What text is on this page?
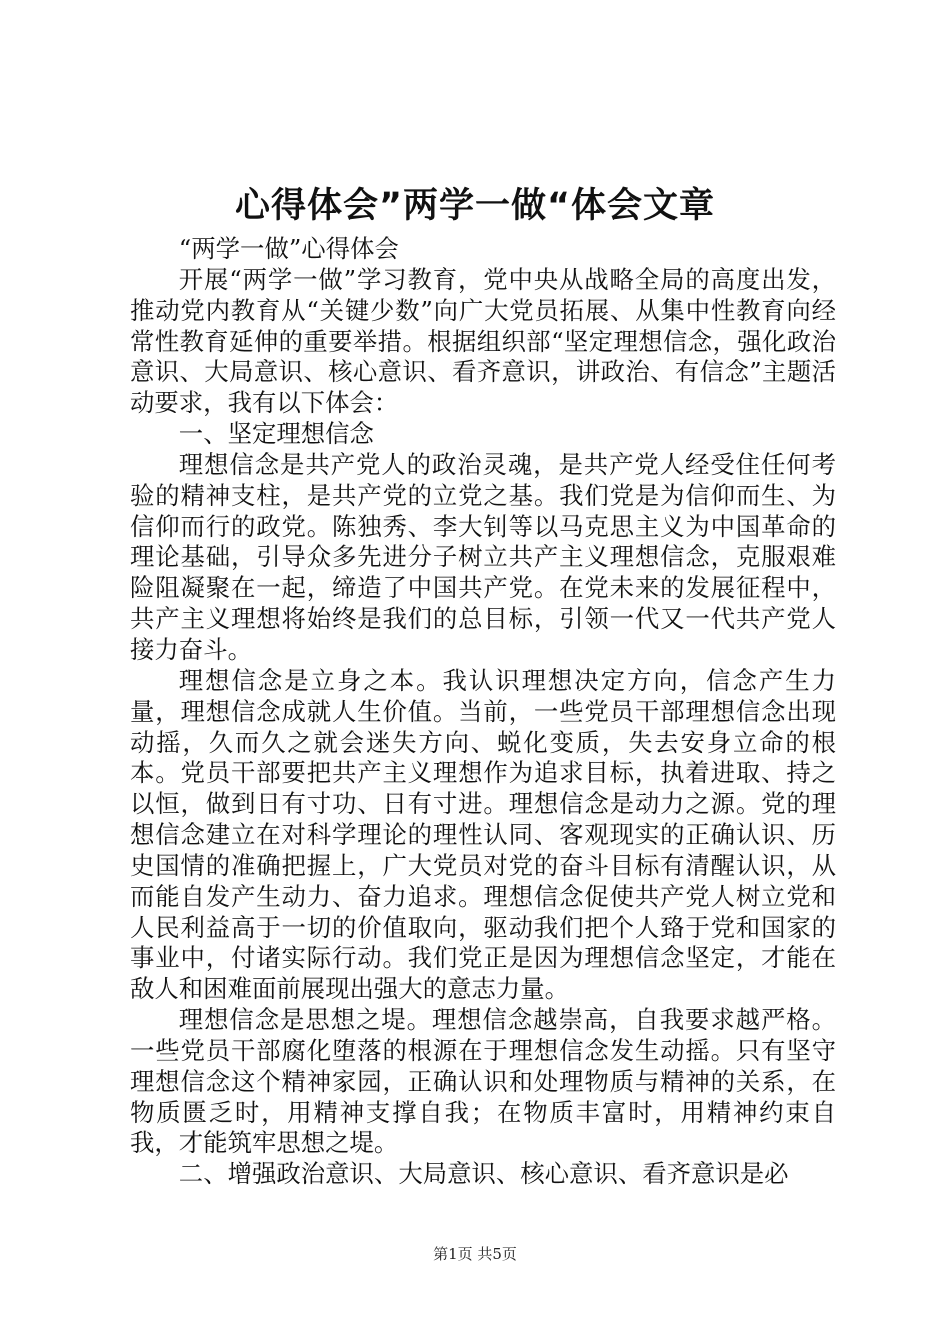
心得体会”两学一做“体会文章

“两学一做”心得体会

开展“两学一做”学习教育，党中央从战略全局的高度出发，推动党内教育从“关键少数”向广大党员拓展、从集中性教育向经常性教育延伸的重要举措。根据组织部“坚定理想信念，强化政治意识、大局意识、核心意识、看齐意识，讲政治、有信念”主题活动要求，我有以下体会：

一、坚定理想信念

理想信念是共产党人的政治灵魂，是共产党人经受住任何考验的精神支柱，是共产党的立党之基。我们党是为信仰而生、为信仰而行的政党。陈独秀、李大钊等以马克思主义为中国革命的理论基础，引导众多先进分子树立共产主义理想信念，克服艰难险阻凝聚在一起，缔造了中国共产党。在党未来的发展征程中，共产主义理想将始终是我们的总目标，引领一代又一代共产党人接力奋斗。

理想信念是立身之本。我认识理想决定方向，信念产生力量，理想信念成就人生价值。当前，一些党员干部理想信念出现动摇，久而久之就会迷失方向、蜕化变质，失去安身立命的根本。党员干部要把共产主义理想作为追求目标，执着进取、持之以恒，做到日有寸功、日有寸进。理想信念是动力之源。党的理想信念建立在对科学理论的理性认同、客观现实的正确认识、历史国情的准确把握上，广大党员对党的奋斗目标有清醒认识，从而能自发产生动力、奋力追求。理想信念促使共产党人树立党和人民利益高于一切的价值取向，驱动我们把个人臵于党和国家的事业中，付诸实际行动。我们党正是因为理想信念坚定，才能在敌人和困难面前展现出强大的意志力量。

理想信念是思想之堤。理想信念越崇高，自我要求越严格。一些党员干部腐化堕落的根源在于理想信念发生动摇。只有坚守理想信念这个精神家园，正确认识和处理物质与精神的关系，在物质匮乏时，用精神支撑自我；在物质丰富时，用精神约束自我，才能筑牢思想之堤。

二、增强政治意识、大局意识、核心意识、看齐意识是必

第1页 共5页
